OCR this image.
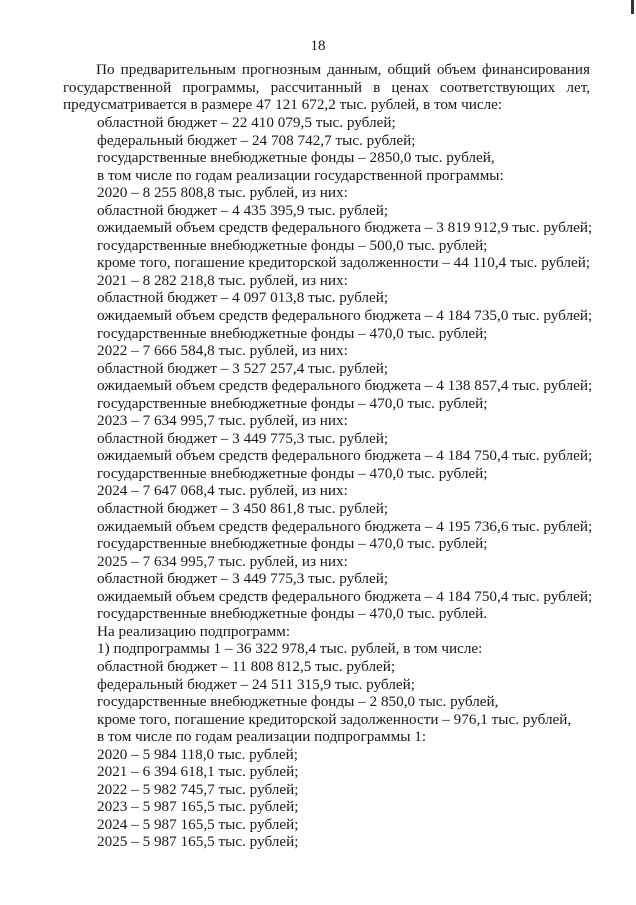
18

По предварительным прогнозным данным, общий объем финансирования государственной программы, рассчитанный в ценах соответствующих лет, предусматривается в размере 47 121 672,2 тыс. рублей, в том числе:

областной бюджет – 22 410 079,5 тыс. рублей;
федеральный бюджет – 24 708 742,7 тыс. рублей;
государственные внебюджетные фонды – 2850,0 тыс. рублей,
в том числе по годам реализации государственной программы:
2020 – 8 255 808,8 тыс. рублей, из них:
областной бюджет – 4 435 395,9 тыс. рублей;
ожидаемый объем средств федерального бюджета – 3 819 912,9 тыс. рублей;
государственные внебюджетные фонды – 500,0 тыс. рублей;
кроме того, погашение кредиторской задолженности – 44 110,4 тыс. рублей;
2021 – 8 282 218,8 тыс. рублей, из них:
областной бюджет – 4 097 013,8 тыс. рублей;
ожидаемый объем средств федерального бюджета – 4 184 735,0 тыс. рублей;
государственные внебюджетные фонды – 470,0 тыс. рублей;
2022 – 7 666 584,8 тыс. рублей, из них:
областной бюджет – 3 527 257,4 тыс. рублей;
ожидаемый объем средств федерального бюджета – 4 138 857,4 тыс. рублей;
государственные внебюджетные фонды – 470,0 тыс. рублей;
2023 – 7 634 995,7 тыс. рублей, из них:
областной бюджет – 3 449 775,3 тыс. рублей;
ожидаемый объем средств федерального бюджета – 4 184 750,4 тыс. рублей;
государственные внебюджетные фонды – 470,0 тыс. рублей;
2024 – 7 647 068,4 тыс. рублей, из них:
областной бюджет – 3 450 861,8 тыс. рублей;
ожидаемый объем средств федерального бюджета – 4 195 736,6 тыс. рублей;
государственные внебюджетные фонды – 470,0 тыс. рублей;
2025 – 7 634 995,7 тыс. рублей, из них:
областной бюджет – 3 449 775,3 тыс. рублей;
ожидаемый объем средств федерального бюджета – 4 184 750,4 тыс. рублей;
государственные внебюджетные фонды – 470,0 тыс. рублей.
На реализацию подпрограмм:
1) подпрограммы 1 – 36 322 978,4 тыс. рублей, в том числе:
областной бюджет – 11 808 812,5 тыс. рублей;
федеральный бюджет – 24 511 315,9 тыс. рублей;
государственные внебюджетные фонды – 2 850,0 тыс. рублей,
кроме того, погашение кредиторской задолженности – 976,1 тыс. рублей,
в том числе по годам реализации подпрограммы 1:
2020 – 5 984 118,0 тыс. рублей;
2021 – 6 394 618,1 тыс. рублей;
2022 – 5 982 745,7 тыс. рублей;
2023 – 5 987 165,5 тыс. рублей;
2024 – 5 987 165,5 тыс. рублей;
2025 – 5 987 165,5 тыс. рублей;
